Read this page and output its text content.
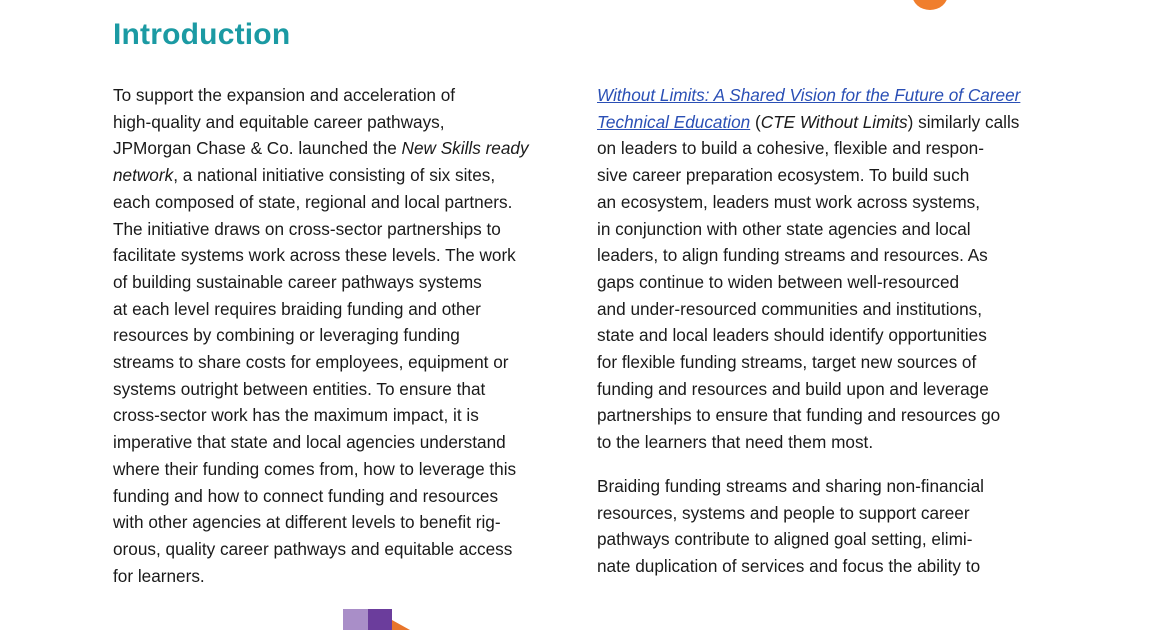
Introduction
To support the expansion and acceleration of
high-quality and equitable career pathways,
JPMorgan Chase & Co. launched the New Skills ready
network, a national initiative consisting of six sites,
each composed of state, regional and local partners.
The initiative draws on cross-sector partnerships to
facilitate systems work across these levels. The work
of building sustainable career pathways systems
at each level requires braiding funding and other
resources by combining or leveraging funding
streams to share costs for employees, equipment or
systems outright between entities. To ensure that
cross-sector work has the maximum impact, it is
imperative that state and local agencies understand
where their funding comes from, how to leverage this
funding and how to connect funding and resources
with other agencies at different levels to benefit rig-
orous, quality career pathways and equitable access
for learners.
Without Limits: A Shared Vision for the Future of Career
Technical Education (CTE Without Limits) similarly calls
on leaders to build a cohesive, flexible and respon-
sive career preparation ecosystem. To build such
an ecosystem, leaders must work across systems,
in conjunction with other state agencies and local
leaders, to align funding streams and resources. As
gaps continue to widen between well-resourced
and under-resourced communities and institutions,
state and local leaders should identify opportunities
for flexible funding streams, target new sources of
funding and resources and build upon and leverage
partnerships to ensure that funding and resources go
to the learners that need them most.
Braiding funding streams and sharing non-financial
resources, systems and people to support career
pathways contribute to aligned goal setting, elimi-
nate duplication of services and focus the ability to
